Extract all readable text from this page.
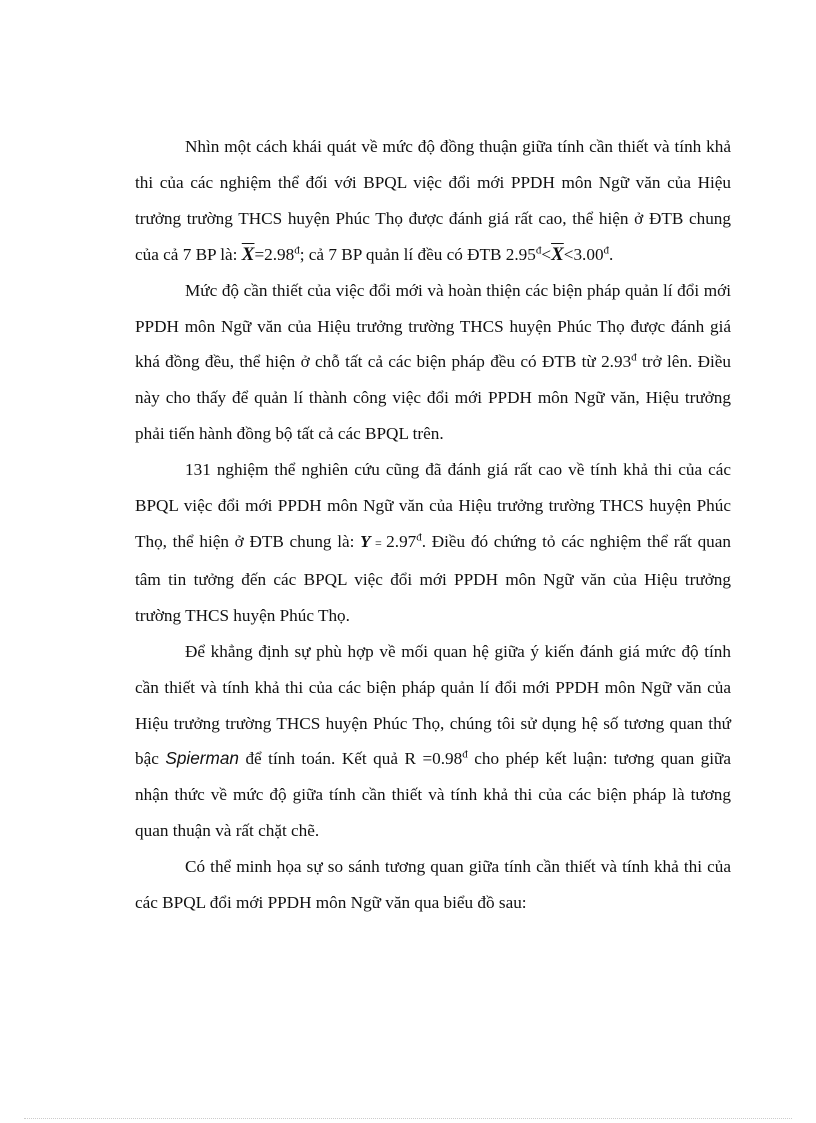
Nhìn một cách khái quát về mức độ đồng thuận giữa tính cần thiết và tính khả thi của các nghiệm thể đối với BPQL việc đổi mới PPDH môn Ngữ văn của Hiệu trưởng trường THCS huyện Phúc Thọ được đánh giá rất cao, thể hiện ở ĐTB chung của cả 7 BP là: $\overline{X}=2.98^đ$; cả 7 BP quản lí đều có ĐTB $2.95^đ<\overline{X}<3.00^đ$.

Mức độ cần thiết của việc đổi mới và hoàn thiện các biện pháp quản lí đổi mới PPDH môn Ngữ văn của Hiệu trưởng trường THCS huyện Phúc Thọ được đánh giá khá đồng đều, thể hiện ở chỗ tất cả các biện pháp đều có ĐTB từ $2.93^đ$ trở lên. Điều này cho thấy để quản lí thành công việc đổi mới PPDH môn Ngữ văn, Hiệu trưởng phải tiến hành đồng bộ tất cả các BPQL trên.

131 nghiệm thể nghiên cứu cũng đã đánh giá rất cao về tính khả thi của các BPQL việc đổi mới PPDH môn Ngữ văn của Hiệu trưởng trường THCS huyện Phúc Thọ, thể hiện ở ĐTB chung là: $Y = 2.97^đ$. Điều đó chứng tỏ các nghiệm thể rất quan tâm tin tưởng đến các BPQL việc đổi mới PPDH môn Ngữ văn của Hiệu trưởng trường THCS huyện Phúc Thọ.

Để khẳng định sự phù hợp về mối quan hệ giữa ý kiến đánh giá mức độ tính cần thiết và tính khả thi của các biện pháp quản lí đổi mới PPDH môn Ngữ văn của Hiệu trưởng trường THCS huyện Phúc Thọ, chúng tôi sử dụng hệ số tương quan thứ bậc Spierman để tính toán. Kết quả $R =0.98^đ$ cho phép kết luận: tương quan giữa nhận thức về mức độ giữa tính cần thiết và tính khả thi của các biện pháp là tương quan thuận và rất chặt chẽ.

Có thể minh họa sự so sánh tương quan giữa tính cần thiết và tính khả thi của các BPQL đổi mới PPDH môn Ngữ văn qua biểu đồ sau:
